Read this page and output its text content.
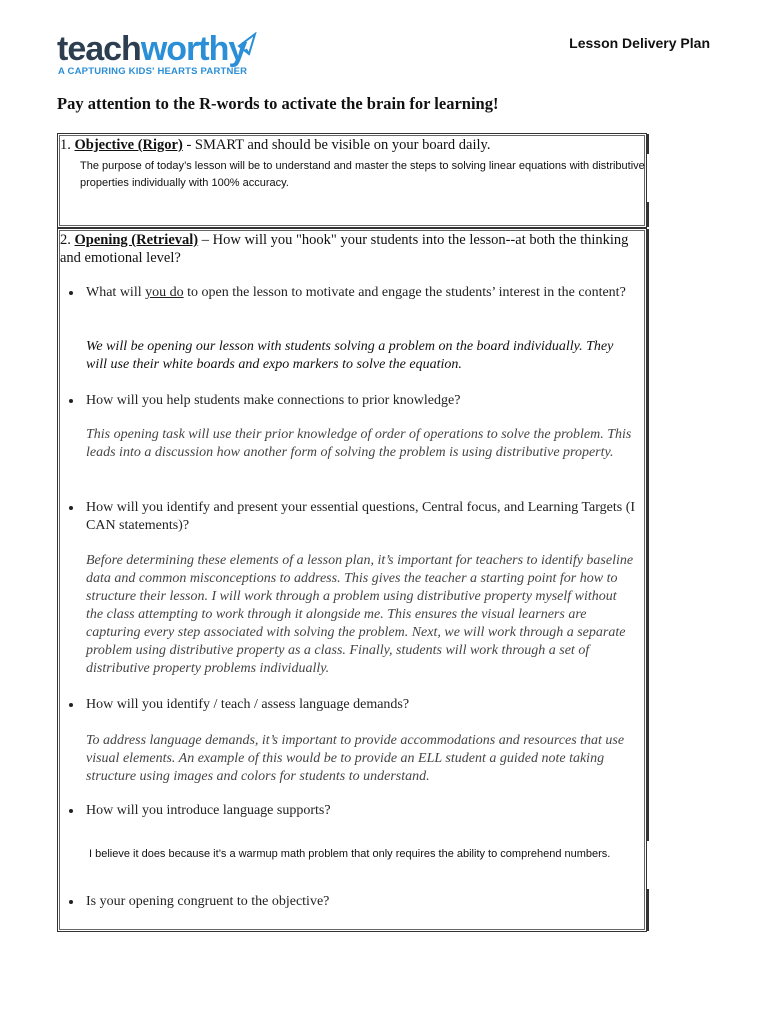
teachworthy
A CAPTURING KIDS' HEARTS PARTNER
Lesson Delivery Plan
Pay attention to the R-words to activate the brain for learning!
1. Objective (Rigor) - SMART and should be visible on your board daily.
The purpose of today’s lesson will be to understand and master the steps to solving linear equations with distributive
properties individually with 100% accuracy.
2. Opening (Retrieval) – How will you "hook" your students into the lesson--at both the thinking and emotional level?
What will you do to open the lesson to motivate and engage the students’ interest in the content?
We will be opening our lesson with students solving a problem on the board individually. They will use their white boards and expo markers to solve the equation.
How will you help students make connections to prior knowledge?
This opening task will use their prior knowledge of order of operations to solve the problem. This leads into a discussion how another form of solving the problem is using distributive property.
How will you identify and present your essential questions, Central focus, and Learning Targets (I CAN statements)?
Before determining these elements of a lesson plan, it’s important for teachers to identify baseline data and common misconceptions to address. This gives the teacher a starting point for how to structure their lesson. I will work through a problem using distributive property myself without the class attempting to work through it alongside me. This ensures the visual learners are capturing every step associated with solving the problem. Next, we will work through a separate problem using distributive property as a class. Finally, students will work through a set of distributive property problems individually.
How will you identify / teach / assess language demands?
To address language demands, it’s important to provide accommodations and resources that use visual elements. An example of this would be to provide an ELL student a guided note taking structure using images and colors for students to understand.
How will you introduce language supports?
I believe it does because it’s a warmup math problem that only requires the ability to comprehend numbers.
Is your opening congruent to the objective?
